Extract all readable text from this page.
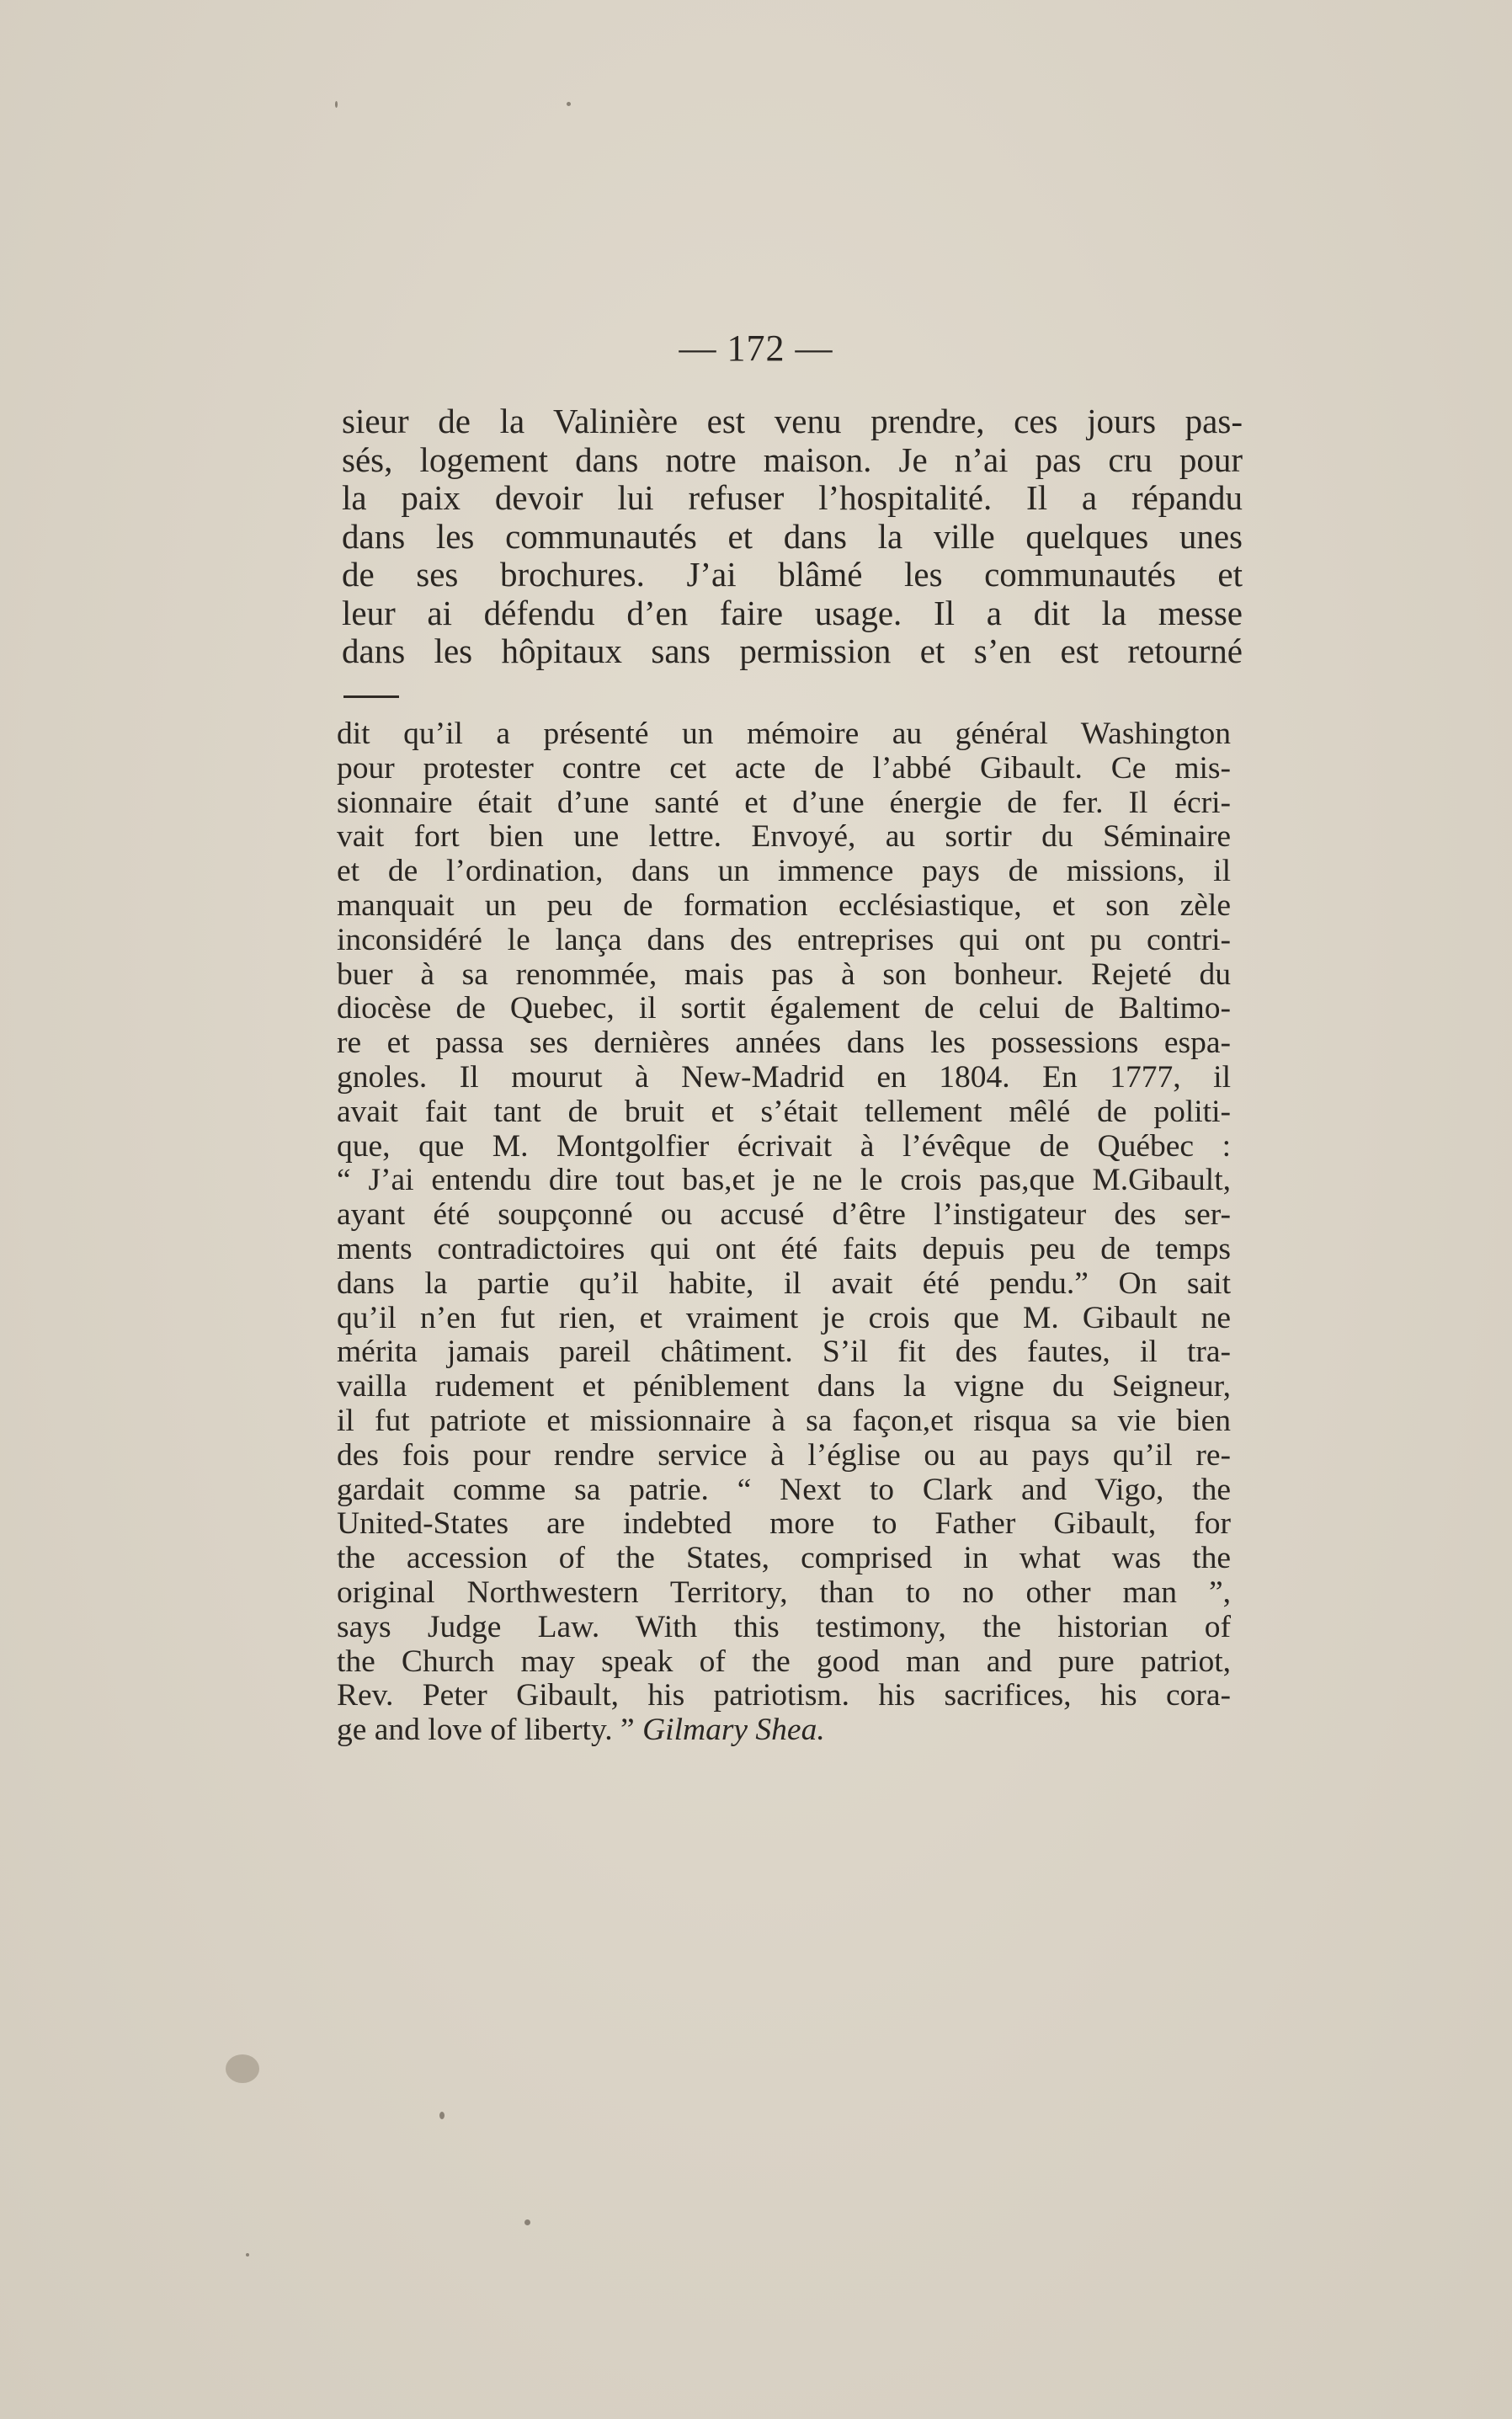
— 172 —
sieur de la Valinière est venu prendre, ces jours pas-
sés, logement dans notre maison. Je n’ai pas cru pour
la paix devoir lui refuser l’hospitalité. Il a répandu
dans les communautés et dans la ville quelques unes
de ses brochures. J’ai blâmé les communautés et
leur ai défendu d’en faire usage. Il a dit la messe
dans les hôpitaux sans permission et s’en est retourné
dit qu’il a présenté un mémoire au général Washington
pour protester contre cet acte de l’abbé Gibault. Ce mis-
sionnaire était d’une santé et d’une énergie de fer. Il écri-
vait fort bien une lettre. Envoyé, au sortir du Séminaire
et de l’ordination, dans un immence pays de missions, il
manquait un peu de formation ecclésiastique, et son zèle
inconsidéré le lança dans des entreprises qui ont pu contri-
buer à sa renommée, mais pas à son bonheur. Rejeté du
diocèse de Quebec, il sortit également de celui de Baltimo-
re et passa ses dernières années dans les possessions espa-
gnoles. Il mourut à New-Madrid en 1804. En 1777, il
avait fait tant de bruit et s’était tellement mêlé de politi-
que, que M. Montgolfier écrivait à l’évêque de Québec :
“ J’ai entendu dire tout bas,et je ne le crois pas,que M.Gibault,
ayant été soupçonné ou accusé d’être l’instigateur des ser-
ments contradictoires qui ont été faits depuis peu de temps
dans la partie qu’il habite, il avait été pendu.” On sait
qu’il n’en fut rien, et vraiment je crois que M. Gibault ne
mérita jamais pareil châtiment. S’il fit des fautes, il tra-
vailla rudement et péniblement dans la vigne du Seigneur,
il fut patriote et missionnaire à sa façon,et risqua sa vie bien
des fois pour rendre service à l’église ou au pays qu’il re-
gardait comme sa patrie. “ Next to Clark and Vigo, the
United-States are indebted more to Father Gibault, for
the accession of the States, comprised in what was the
original Northwestern Territory, than to no other man ”,
says Judge Law. With this testimony, the historian of
the Church may speak of the good man and pure patriot,
Rev. Peter Gibault, his patriotism. his sacrifices, his cora-
ge and love of liberty. ” Gilmary Shea.
